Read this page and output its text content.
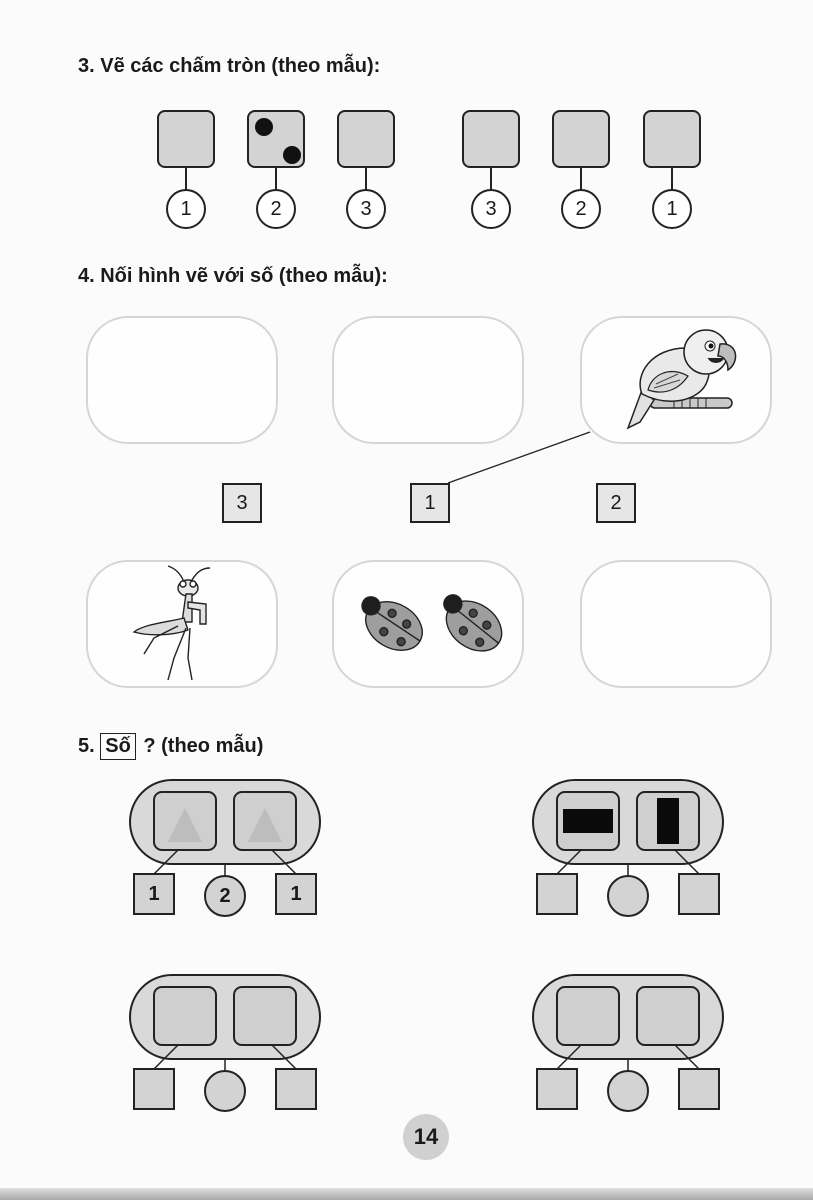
3. Vẽ các chấm tròn (theo mẫu):
1	2	3	3	2	1
4. Nối hình vẽ với số (theo mẫu):
3	1	2
5. Số ? (theo mẫu)
1	2	1
14
